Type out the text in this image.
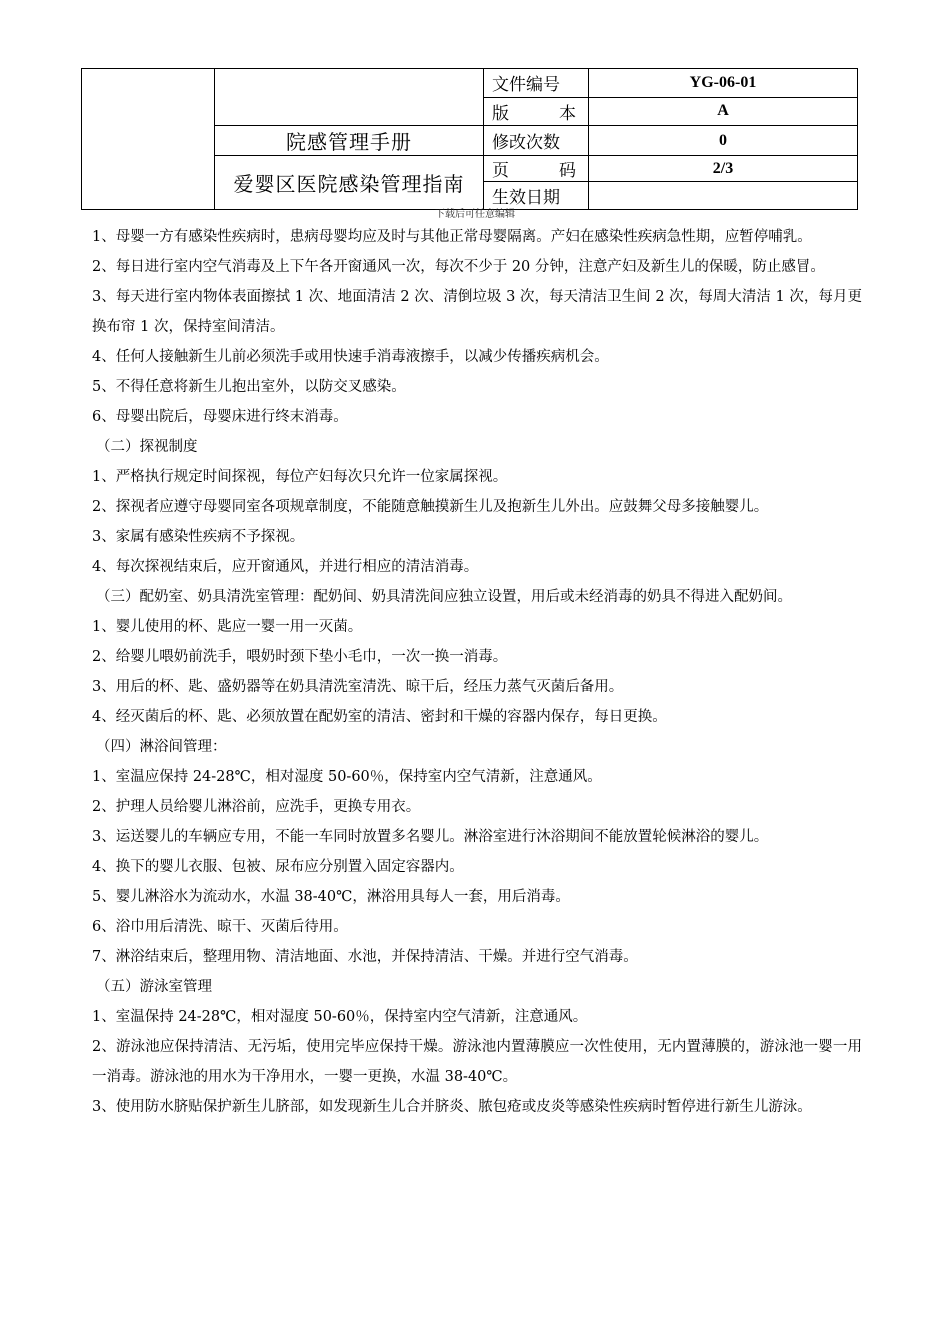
		文件编号	YG-06-01
		版本	A
	院感管理手册	修改次数	0
	爱婴区医院感染管理指南	页码	2/3
		生效日期	
下载后可任意编辑

1、母婴一方有感染性疾病时，患病母婴均应及时与其他正常母婴隔离。产妇在感染性疾病急性期，应暂停哺乳。

2、每日进行室内空气消毒及上下午各开窗通风一次，每次不少于 20 分钟，注意产妇及新生儿的保暖，防止感冒。

3、每天进行室内物体表面擦拭 1 次、地面清洁 2 次、清倒垃圾 3 次，每天清洁卫生间 2 次，每周大清洁 1 次，每月更换布帘 1 次，保持室间清洁。

4、任何人接触新生儿前必须洗手或用快速手消毒液擦手，以减少传播疾病机会。

5、不得任意将新生儿抱出室外，以防交叉感染。

6、母婴出院后，母婴床进行终末消毒。

（二）探视制度

1、严格执行规定时间探视，每位产妇每次只允许一位家属探视。

2、探视者应遵守母婴同室各项规章制度，不能随意触摸新生儿及抱新生儿外出。应鼓舞父母多接触婴儿。

3、家属有感染性疾病不予探视。

4、每次探视结束后，应开窗通风，并进行相应的清洁消毒。

（三）配奶室、奶具清洗室管理：配奶间、奶具清洗间应独立设置，用后或未经消毒的奶具不得进入配奶间。

1、婴儿使用的杯、匙应一婴一用一灭菌。

2、给婴儿喂奶前洗手，喂奶时颈下垫小毛巾，一次一换一消毒。

3、用后的杯、匙、盛奶器等在奶具清洗室清洗、晾干后，经压力蒸气灭菌后备用。

4、经灭菌后的杯、匙、必须放置在配奶室的清洁、密封和干燥的容器内保存，每日更换。

（四）淋浴间管理：

1、室温应保持 24-28℃，相对湿度 50-60％，保持室内空气清新，注意通风。

2、护理人员给婴儿淋浴前，应洗手，更换专用衣。

3、运送婴儿的车辆应专用，不能一车同时放置多名婴儿。淋浴室进行沐浴期间不能放置轮候淋浴的婴儿。

4、换下的婴儿衣服、包被、尿布应分别置入固定容器内。

5、婴儿淋浴水为流动水，水温 38-40℃，淋浴用具每人一套，用后消毒。

6、浴巾用后清洗、晾干、灭菌后待用。

7、淋浴结束后，整理用物、清洁地面、水池，并保持清洁、干燥。并进行空气消毒。

（五）游泳室管理

1、室温保持 24-28℃，相对湿度 50-60％，保持室内空气清新，注意通风。

2、游泳池应保持清洁、无污垢，使用完毕应保持干燥。游泳池内置薄膜应一次性使用，无内置薄膜的，游泳池一婴一用一消毒。游泳池的用水为干净用水，一婴一更换，水温 38-40℃。

3、使用防水脐贴保护新生儿脐部，如发现新生儿合并脐炎、脓包疮或皮炎等感染性疾病时暂停进行新生儿游泳。
